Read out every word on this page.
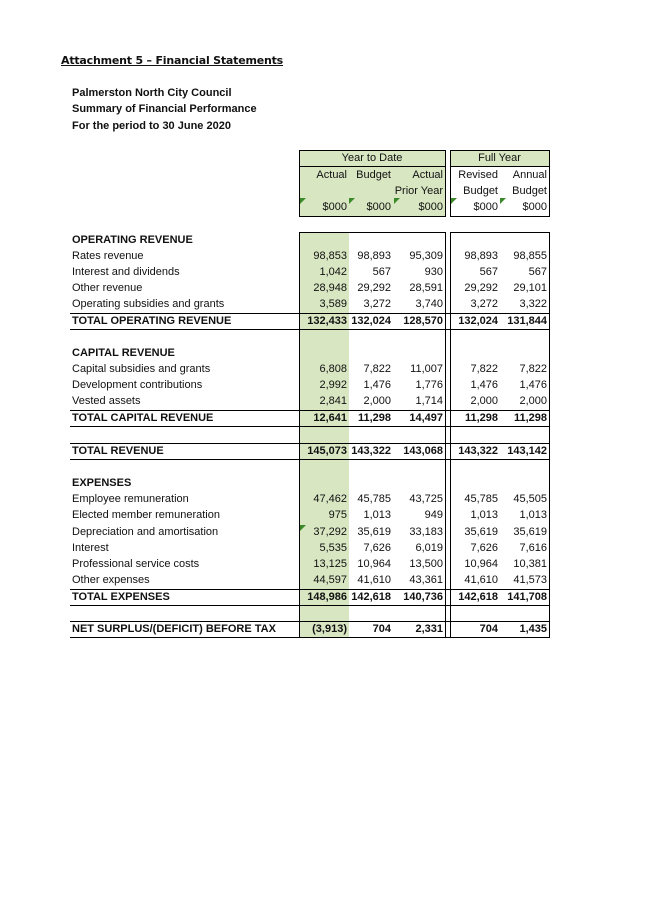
Attachment 5 – Financial Statements
Palmerston North City Council
Summary of Financial Performance
For the period to 30 June 2020
Year to Date	Full Year
Actual Budget	Actual	Revised	Annual
Prior Year	Budget	Budget
$000	$000	$000	$000	$000
OPERATING REVENUE
Rates revenue	98,853 98,893	95,309	98,893	98,855
Interest and dividends	1,042	567	930	567	567
Other revenue	28,948 29,292	28,591	29,292	29,101
Operating subsidies and grants	3,589	3,272	3,740	3,272	3,322
TOTAL OPERATING REVENUE	132,433 132,024	128,570	132,024 131,844
CAPITAL REVENUE
Capital subsidies and grants	6,808	7,822	11,007	7,822	7,822
Development contributions	2,992	1,476	1,776	1,476	1,476
Vested assets	2,841	2,000	1,714	2,000	2,000
TOTAL CAPITAL REVENUE	12,641 11,298	14,497	11,298	11,298
TOTAL REVENUE	145,073 143,322	143,068	143,322 143,142
EXPENSES
Employee remuneration	47,462 45,785	43,725	45,785	45,505
Elected member remuneration	975	1,013	949	1,013	1,013
Depreciation and amortisation	37,292 35,619	33,183	35,619	35,619
Interest	5,535	7,626	6,019	7,626	7,616
Professional service costs	13,125 10,964	13,500	10,964	10,381
Other expenses	44,597 41,610	43,361	41,610	41,573
TOTAL EXPENSES	148,986 142,618	140,736	142,618 141,708
NET SURPLUS/(DEFICIT) BEFORE TAX	(3,913)	704	2,331	704	1,435
